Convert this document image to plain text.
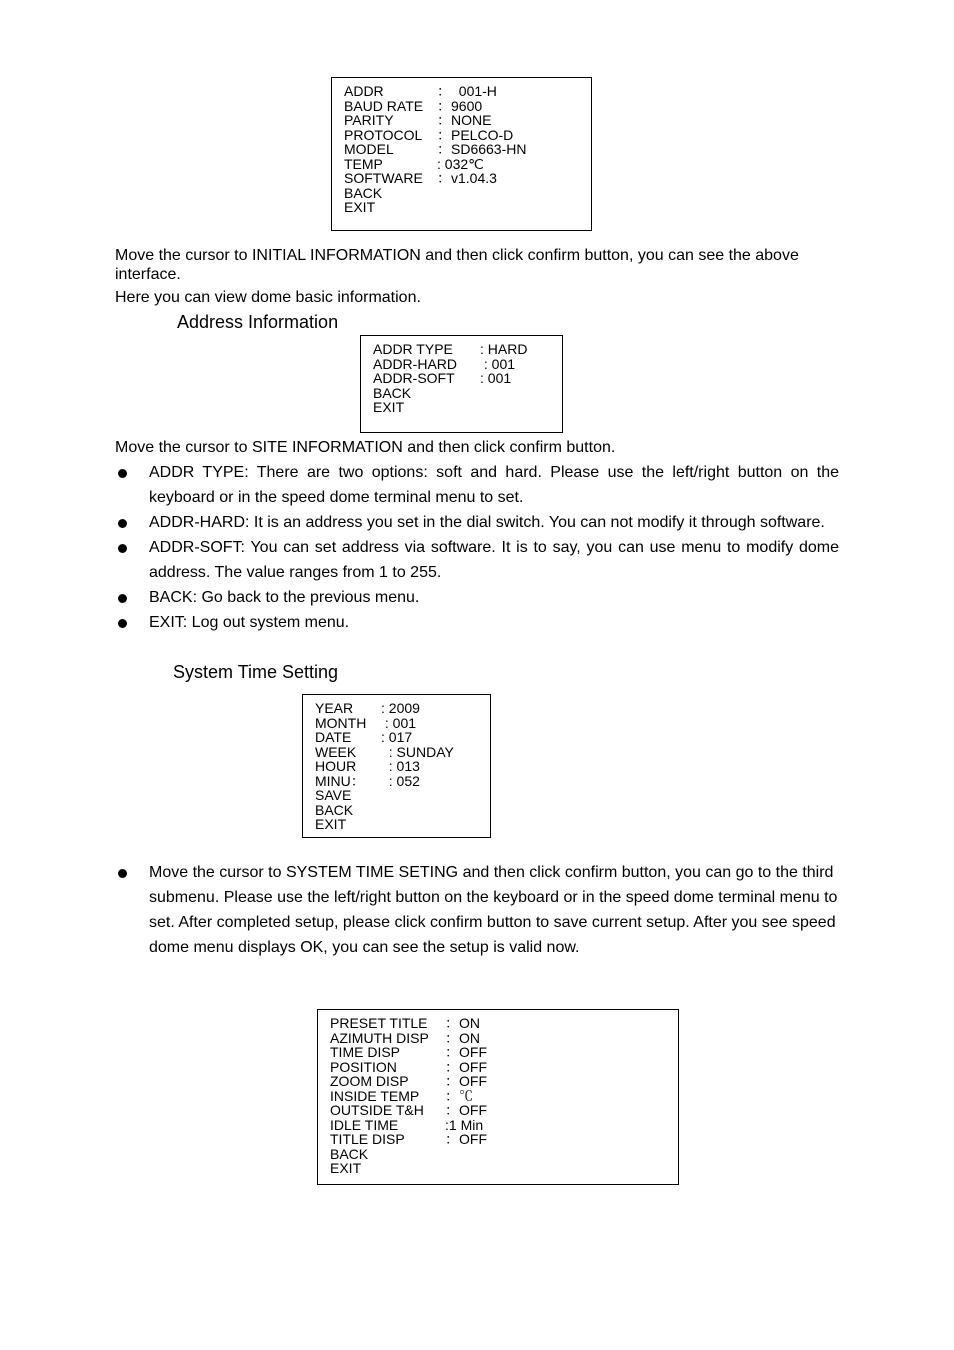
ADDR	：  001-H
BAUD RATE ：9600
PARITY	：NONE
PROTOCOL ：PELCO-D
MODEL	：SD6663-HN
TEMP	: 032℃
SOFTWARE ：v1.04.3
BACK
EXIT

Move the cursor to INITIAL INFORMATION and then click confirm button, you can see the above interface.

Here you can view dome basic information.

Address Information

ADDR TYPE : HARD
ADDR-HARD : 001
ADDR-SOFT : 001
BACK
EXIT

Move the cursor to SITE INFORMATION and then click confirm button.

ADDR TYPE: There are two options: soft and hard. Please use the left/right button on the keyboard or in the speed dome terminal menu to set.
ADDR-HARD: It is an address you set in the dial switch. You can not modify it through software.
ADDR-SOFT: You can set address via software. It is to say, you can use menu to modify dome address. The value ranges from 1 to 255.
BACK: Go back to the previous menu.
EXIT: Log out system menu.

System Time Setting

YEAR : 2009
MONTH : 001
DATE : 017
WEEK : SUNDAY
HOUR : 013
MINU： : 052
SAVE
BACK
EXIT
Move the cursor to SYSTEM TIME SETING and then click confirm button, you can go to the third submenu. Please use the left/right button on the keyboard or in the speed dome terminal menu to set. After completed setup, please click confirm button to save current setup. After you see speed dome menu displays OK, you can see the setup is valid now.
PRESET TITLE ：ON
AZIMUTH DISP ：ON
TIME DISP	：OFF
POSITION	：OFF
ZOOM DISP	：OFF
INSIDE TEMP ：℃
OUTSIDE T&H ：OFF
IDLE TIME	:1 Min
TITLE DISP	：OFF
BACK
EXIT
